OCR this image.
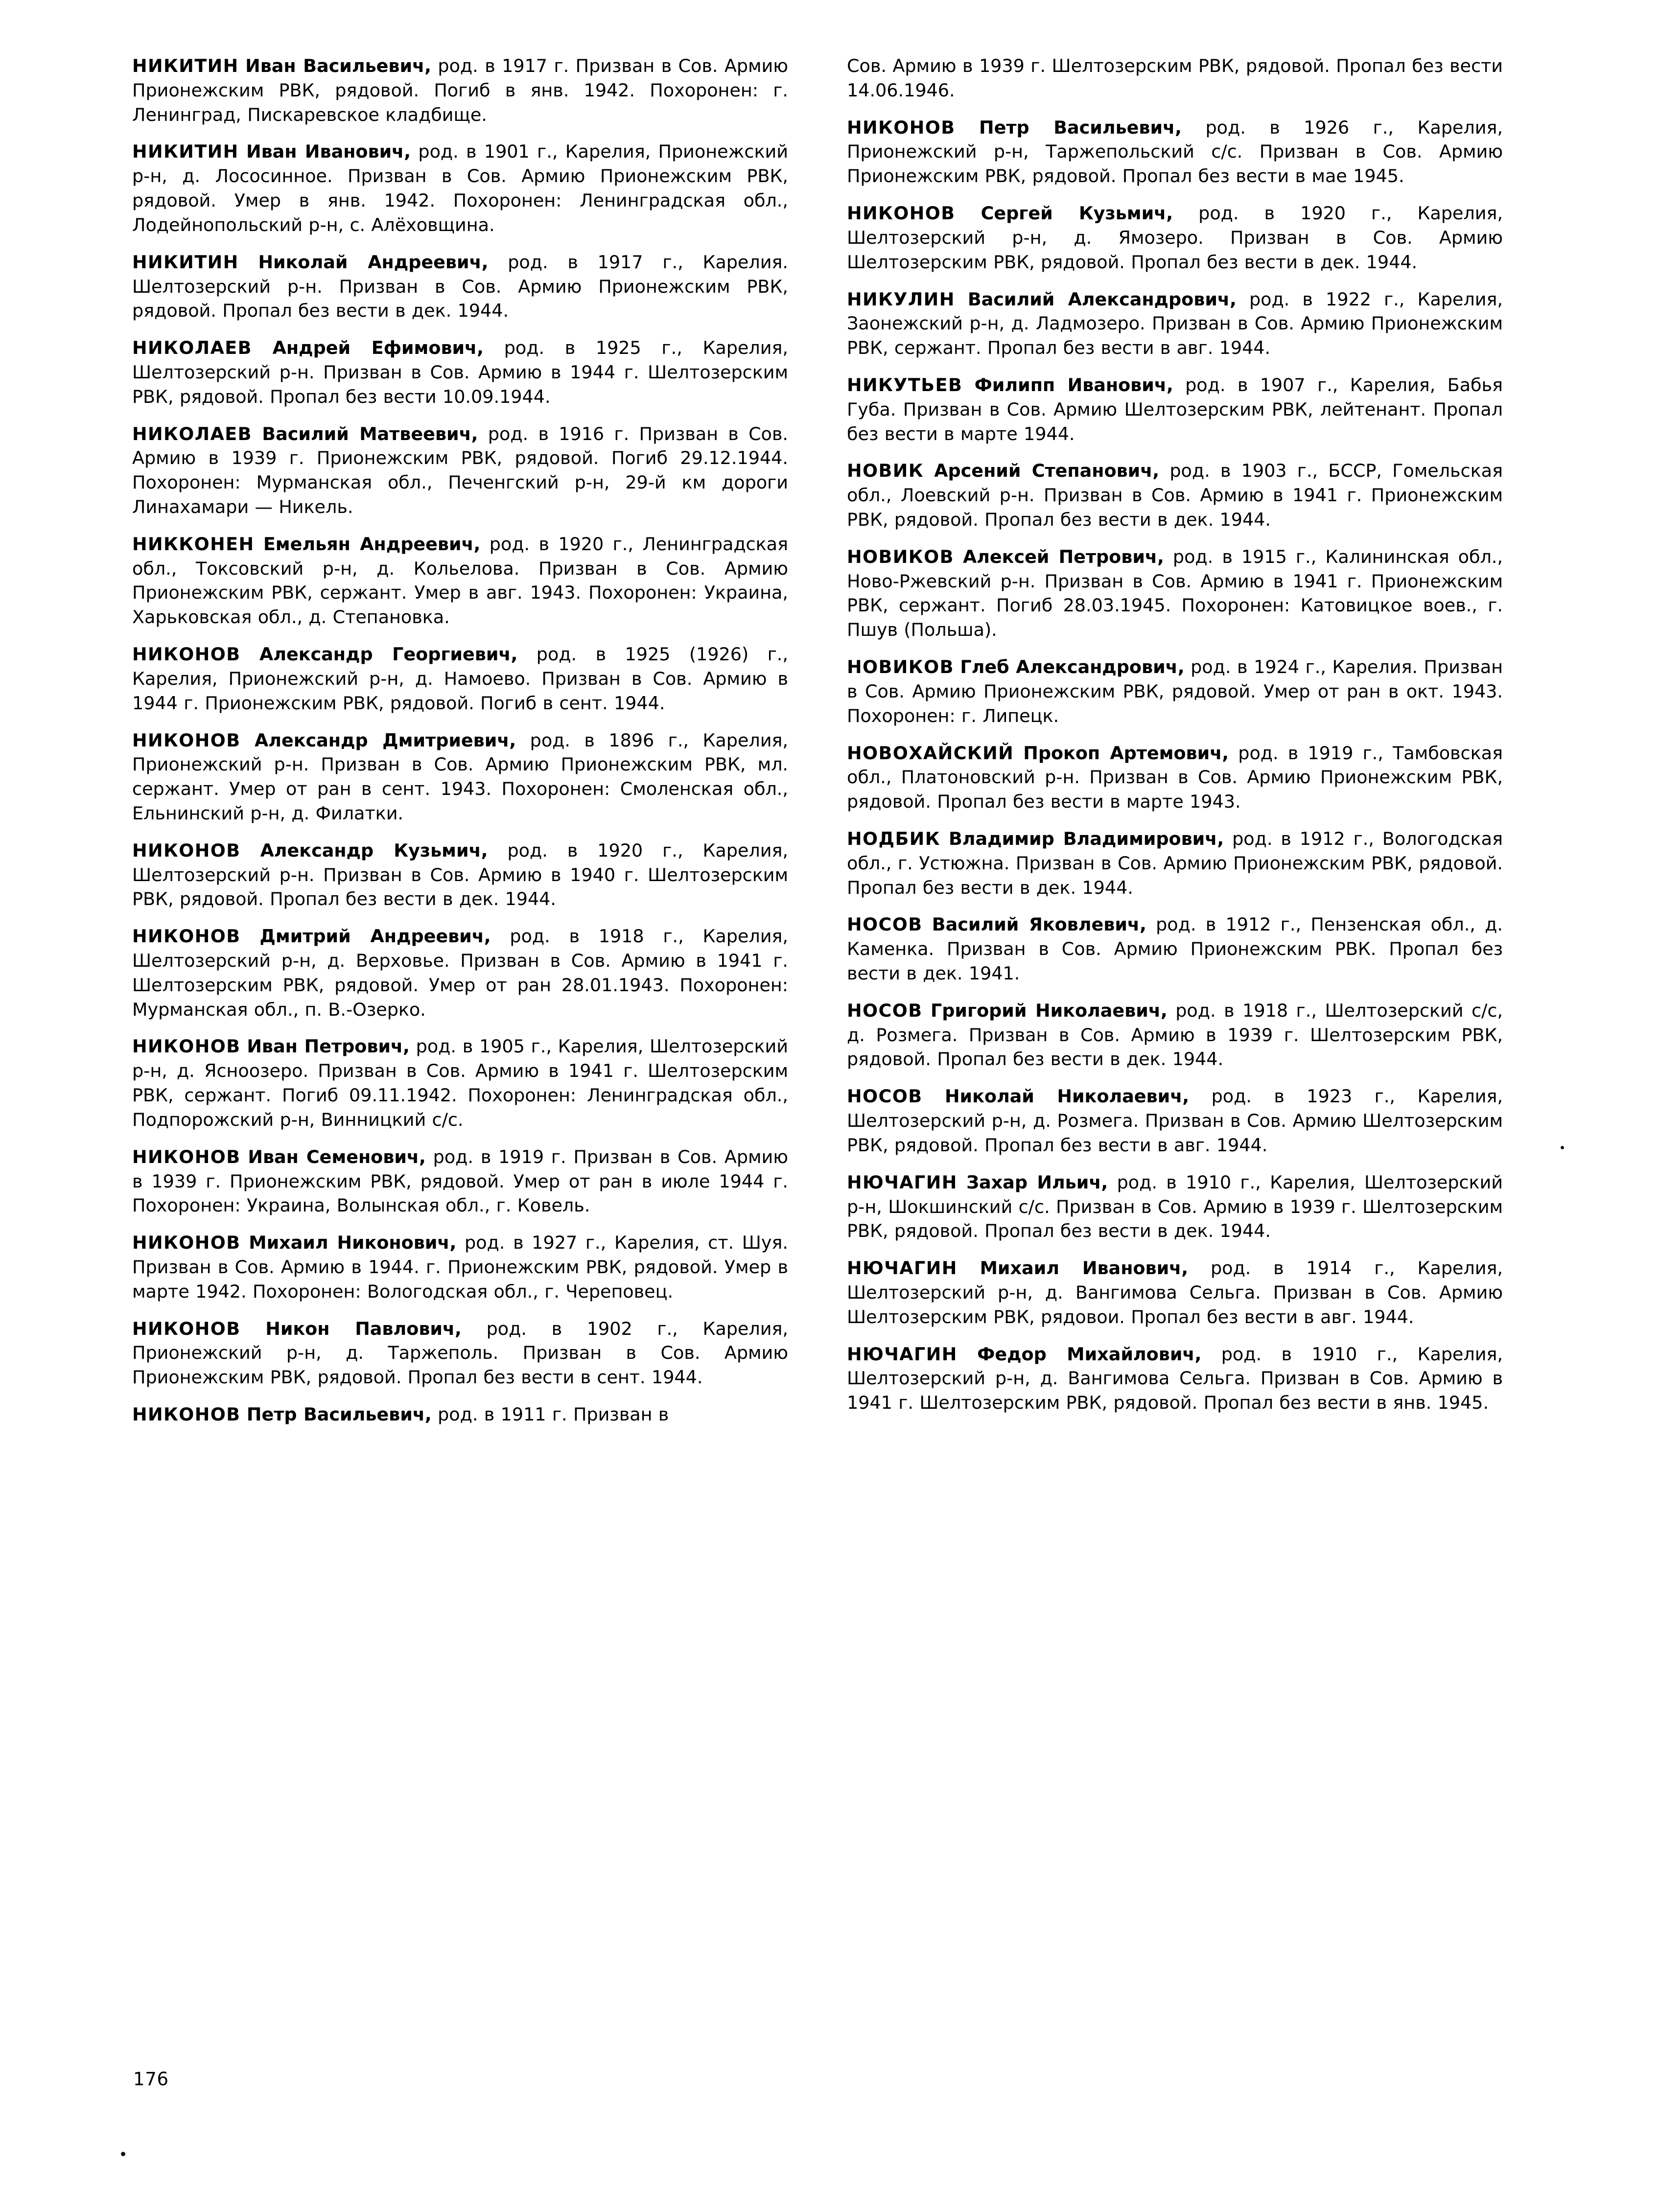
НИКИТИН Иван Васильевич, род. в 1917 г. Призван в Сов. Армию Прионежским РВК, рядовой. Погиб в янв. 1942. Похоронен: г. Ленинград, Пискаревское кладбище.

НИКИТИН Иван Иванович, род. в 1901 г., Карелия, Прионежский р-н, д. Лососинное. Призван в Сов. Армию Прионежским РВК, рядовой. Умер в янв. 1942. Похоронен: Ленинградская обл., Лодейнопольский р-н, с. Алёховщина.

НИКИТИН Николай Андреевич, род. в 1917 г., Карелия. Шелтозерский р-н. Призван в Сов. Армию Прионежским РВК, рядовой. Пропал без вести в дек. 1944.

НИКОЛАЕВ Андрей Ефимович, род. в 1925 г., Карелия, Шелтозерский р-н. Призван в Сов. Армию в 1944 г. Шелтозерским РВК, рядовой. Пропал без вести 10.09.1944.

НИКОЛАЕВ Василий Матвеевич, род. в 1916 г. Призван в Сов. Армию в 1939 г. Прионежским РВК, рядовой. Погиб 29.12.1944. Похоронен: Мурманская обл., Печенгский р-н, 29-й км дороги Линахамари — Никель.

НИККОНЕН Емельян Андреевич, род. в 1920 г., Ленинградская обл., Токсовский р-н, д. Кольелова. Призван в Сов. Армию Прионежским РВК, сержант. Умер в авг. 1943. Похоронен: Украина, Харьковская обл., д. Степановка.

НИКОНОВ Александр Георгиевич, род. в 1925 (1926) г., Карелия, Прионежский р-н, д. Намоево. Призван в Сов. Армию в 1944 г. Прионежским РВК, рядовой. Погиб в сент. 1944.

НИКОНОВ Александр Дмитриевич, род. в 1896 г., Карелия, Прионежский р-н. Призван в Сов. Армию Прионежским РВК, мл. сержант. Умер от ран в сент. 1943. Похоронен: Смоленская обл., Ельнинский р-н, д. Филатки.

НИКОНОВ Александр Кузьмич, род. в 1920 г., Карелия, Шелтозерский р-н. Призван в Сов. Армию в 1940 г. Шелтозерским РВК, рядовой. Пропал без вести в дек. 1944.

НИКОНОВ Дмитрий Андреевич, род. в 1918 г., Карелия, Шелтозерский р-н, д. Верховье. Призван в Сов. Армию в 1941 г. Шелтозерским РВК, рядовой. Умер от ран 28.01.1943. Похоронен: Мурманская обл., п. В.-Озерко.

НИКОНОВ Иван Петрович, род. в 1905 г., Карелия, Шелтозерский р-н, д. Ясноозеро. Призван в Сов. Армию в 1941 г. Шелтозерским РВК, сержант. Погиб 09.11.1942. Похоронен: Ленинградская обл., Подпорожский р-н, Винницкий с/с.

НИКОНОВ Иван Семенович, род. в 1919 г. Призван в Сов. Армию в 1939 г. Прионежским РВК, рядовой. Умер от ран в июле 1944 г. Похоронен: Украина, Волынская обл., г. Ковель.

НИКОНОВ Михаил Никонович, род. в 1927 г., Карелия, ст. Шуя. Призван в Сов. Армию в 1944. г. Прионежским РВК, рядовой. Умер в марте 1942. Похоронен: Вологодская обл., г. Череповец.

НИКОНОВ Никон Павлович, род. в 1902 г., Карелия, Прионежский р-н, д. Таржеполь. Призван в Сов. Армию Прионежским РВК, рядовой. Пропал без вести в сент. 1944.

НИКОНОВ Петр Васильевич, род. в 1911 г. Призван в

Сов. Армию в 1939 г. Шелтозерским РВК, рядовой. Пропал без вести 14.06.1946.

НИКОНОВ Петр Васильевич, род. в 1926 г., Карелия, Прионежский р-н, Таржепольский с/с. Призван в Сов. Армию Прионежским РВК, рядовой. Пропал без вести в мае 1945.

НИКОНОВ Сергей Кузьмич, род. в 1920 г., Карелия, Шелтозерский р-н, д. Ямозеро. Призван в Сов. Армию Шелтозерским РВК, рядовой. Пропал без вести в дек. 1944.

НИКУЛИН Василий Александрович, род. в 1922 г., Карелия, Заонежский р-н, д. Ладмозеро. Призван в Сов. Армию Прионежским РВК, сержант. Пропал без вести в авг. 1944.

НИКУТЬЕВ Филипп Иванович, род. в 1907 г., Карелия, Бабья Губа. Призван в Сов. Армию Шелтозерским РВК, лейтенант. Пропал без вести в марте 1944.

НОВИК Арсений Степанович, род. в 1903 г., БССР, Гомельская обл., Лоевский р-н. Призван в Сов. Армию в 1941 г. Прионежским РВК, рядовой. Пропал без вести в дек. 1944.

НОВИКОВ Алексей Петрович, род. в 1915 г., Калининская обл., Ново-Ржевский р-н. Призван в Сов. Армию в 1941 г. Прионежским РВК, сержант. Погиб 28.03.1945. Похоронен: Катовицкое воев., г. Пшув (Польша).

НОВИКОВ Глеб Александрович, род. в 1924 г., Карелия. Призван в Сов. Армию Прионежским РВК, рядовой. Умер от ран в окт. 1943. Похоронен: г. Липецк.

НОВОХАЙСКИЙ Прокоп Артемович, род. в 1919 г., Тамбовская обл., Платоновский р-н. Призван в Сов. Армию Прионежским РВК, рядовой. Пропал без вести в марте 1943.

НОДБИК Владимир Владимирович, род. в 1912 г., Вологодская обл., г. Устюжна. Призван в Сов. Армию Прионежским РВК, рядовой. Пропал без вести в дек. 1944.

НОСОВ Василий Яковлевич, род. в 1912 г., Пензенская обл., д. Каменка. Призван в Сов. Армию Прионежским РВК. Пропал без вести в дек. 1941.

НОСОВ Григорий Николаевич, род. в 1918 г., Шелтозерский с/с, д. Розмега. Призван в Сов. Армию в 1939 г. Шелтозерским РВК, рядовой. Пропал без вести в дек. 1944.

НОСОВ Николай Николаевич, род. в 1923 г., Карелия, Шелтозерский р-н, д. Розмега. Призван в Сов. Армию Шелтозерским РВК, рядовой. Пропал без вести в авг. 1944.

НЮЧАГИН Захар Ильич, род. в 1910 г., Карелия, Шелтозерский р-н, Шокшинский с/с. Призван в Сов. Армию в 1939 г. Шелтозерским РВК, рядовой. Пропал без вести в дек. 1944.

НЮЧАГИН Михаил Иванович, род. в 1914 г., Карелия, Шелтозерский р-н, д. Вангимова Сельга. Призван в Сов. Армию Шелтозерским РВК, рядовои. Пропал без вести в авг. 1944.

НЮЧАГИН Федор Михайлович, род. в 1910 г., Карелия, Шелтозерский р-н, д. Вангимова Сельга. Призван в Сов. Армию в 1941 г. Шелтозерским РВК, рядовой. Пропал без вести в янв. 1945.

176
